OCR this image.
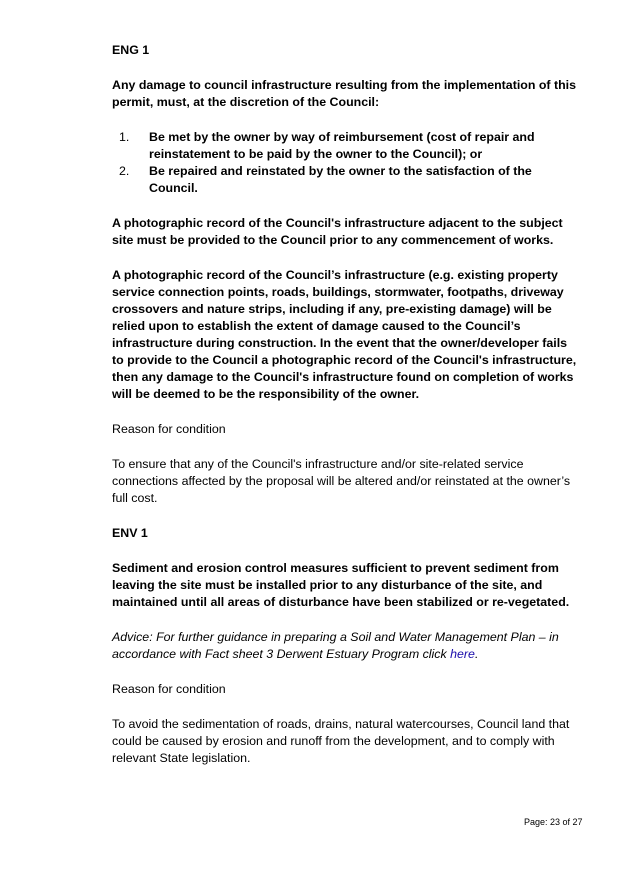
ENG 1

Any damage to council infrastructure resulting from the implementation of this permit, must, at the discretion of the Council:

1. Be met by the owner by way of reimbursement (cost of repair and reinstatement to be paid by the owner to the Council); or
2. Be repaired and reinstated by the owner to the satisfaction of the Council.

A photographic record of the Council's infrastructure adjacent to the subject site must be provided to the Council prior to any commencement of works.

A photographic record of the Council’s infrastructure (e.g. existing property service connection points, roads, buildings, stormwater, footpaths, driveway crossovers and nature strips, including if any, pre-existing damage) will be relied upon to establish the extent of damage caused to the Council’s infrastructure during construction. In the event that the owner/developer fails to provide to the Council a photographic record of the Council's infrastructure, then any damage to the Council's infrastructure found on completion of works will be deemed to be the responsibility of the owner.

Reason for condition

To ensure that any of the Council's infrastructure and/or site-related service connections affected by the proposal will be altered and/or reinstated at the owner’s full cost.

ENV 1

Sediment and erosion control measures sufficient to prevent sediment from leaving the site must be installed prior to any disturbance of the site, and maintained until all areas of disturbance have been stabilized or re-vegetated.

Advice: For further guidance in preparing a Soil and Water Management Plan – in accordance with Fact sheet 3 Derwent Estuary Program click here.

Reason for condition

To avoid the sedimentation of roads, drains, natural watercourses, Council land that could be caused by erosion and runoff from the development, and to comply with relevant State legislation.

Page: 23 of 27
